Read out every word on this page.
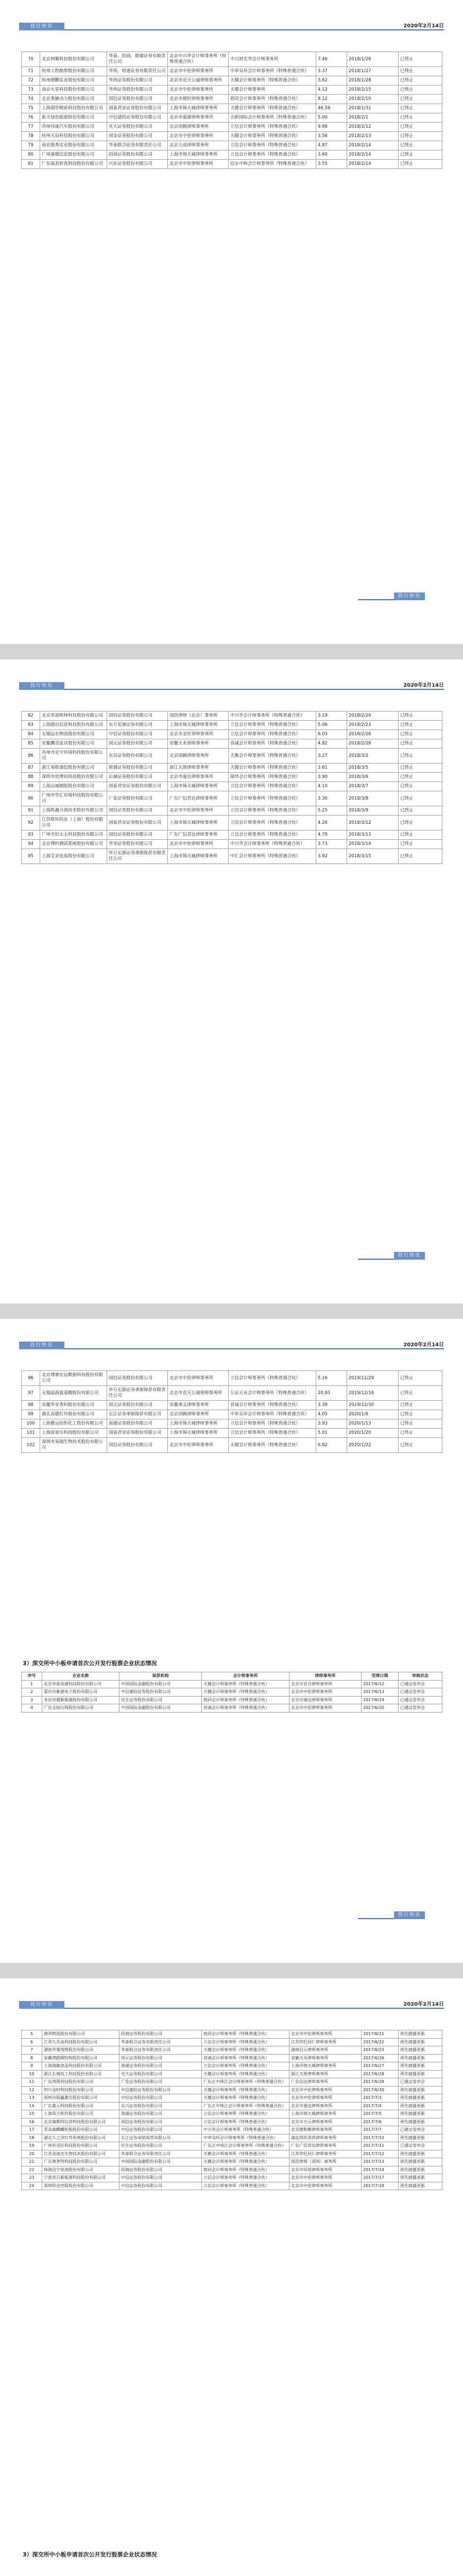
投行快讯	2020年2月14日
70	北京网聚科技股份有限公司	华泰、招商、联储证券有限责任公司	北京中兴华会计师事务所（特殊普通合伙）	中兴财光华会计师事务所	7.46	2018/1/26	已终止
71	杭州工程勘察股份有限公司	华西、财通证券有限责任公司	北京市中伦律师事务所	中审众环会计师事务所（特殊普通合伙）	3.37	2018/1/27	已终止
72	杭州德鹏实业股份有限公司	华西证券股份有限公司	北京市竞天公诚律师事务所	天健会计师事务所（特殊普通合伙）	3.62	2018/1/28	已终止
73	南京火星科技股份有限公司	华西证券股份有限公司	北京市中伦律师事务所	天健会计师事务所	4.12	2018/2/15	已终止
74	北京奥赫动力股份有限公司	国信证券股份有限公司	北京市德恒律师事务所	致同会计师事务所（特殊普通合伙）	8.12	2018/2/10	已终止
75	上海瑞华精密科技股份有限公司	国泰君安证券股份有限公司	上海市锦天城律师事务所	天健会计师事务所（特殊普通合伙）	46.59	2018/1/31	已终止
76	新天绿色能源股份有限公司	中信建投证券股份有限公司	北京市嘉源律师事务所	天职国际会计师事务所（特殊普通合伙）	5.00	2018/2/1	已终止
77	苏州伟康汽车股份有限公司	光大证券股份有限公司	北京国枫律师事务所	立信会计师事务所（特殊普通合伙）	9.98	2018/2/12	已终止
78	杭州天辰科技股份有限公司	国金证券股份有限公司	北京市中伦律师事务所	天健会计师事务所（特殊普通合伙）	3.56	2018/2/13	已终止
79	南京焕秀实业股份有限公司	华泰联合证券有限责任公司	北京大成律师事务所	立信会计师事务所（特殊普通合伙）	4.87	2018/2/14	已终止
80	广州嘉德信息股份有限公司	招商证券股份有限公司	上海市锦天城律师事务所	立信会计师事务所（特殊普通合伙）	3.60	2018/2/14	已终止
81	广东福美软瓷科技股份有限公司	兴业证券股份有限公司	北京市中伦律师事务所	信永中和会计师事务所（特殊普通合伙）	3.55	2018/2/14	已终止
投行快讯
投行快讯	2020年2月14日
82	北京英诺格林科技股份有限公司	国信证券股份有限公司	国浩律师（北京）事务所	中兴华会计师事务所（特殊普通合伙）	3.19	2018/2/20	已终止
83	上海德启信息科技股份有限公司	东方花旗证券有限公司	上海市锦天城律师事务所	立信会计师事务所（特殊普通合伙）	5.06	2018/2/23	已终止
84	无锡远东物流股份有限公司	中信证券股份有限公司	北京市金杜律师事务所	立信会计师事务所（特殊普通合伙）	6.03	2018/2/26	已终止
85	安徽鹏羽家具股份有限公司	国元证券股份有限公司	安徽天禾律师事务所	容诚会计师事务所（特殊普通合伙）	4.82	2018/2/28	已终止
86	苏州市宏宇环境科技股份有限公司	东吴证券股份有限公司	北京国枫律师事务所	天衡会计师事务所（特殊普通合伙）	3.27	2018/3/2	已终止
87	浙江易联通信股份有限公司	财通证券股份有限公司	浙江天册律师事务所	天健会计师事务所（特殊普通合伙）	3.61	2018/3/5	已终止
88	深圳市优博讯科技股份有限公司	长城证券股份有限公司	北京市康达律师事务所	瑞华会计师事务所（特殊普通合伙）	3.90	2018/3/6	已终止
89	上海运城制版股份有限公司	国泰君安证券股份有限公司	上海市锦天城律师事务所	立信会计师事务所（特殊普通合伙）	4.10	2018/3/7	已终止
90	广州市华汇环境科技股份有限公司	广发证券股份有限公司	广东广信君达律师事务所	立信会计师事务所（特殊普通合伙）	3.30	2018/3/8	已终止
91	上海凯鑫分离技术股份有限公司	国信证券股份有限公司	北京市中伦律师事务所	立信会计师事务所（特殊普通合伙）	5.25	2018/3/9	已终止
92	江苏联环药业（上海）股份有限公司	国泰君安证券股份有限公司	上海市锦天城律师事务所	立信会计师事务所（特殊普通合伙）	4.26	2018/3/12	已终止
93	广州市好太太科技股份有限公司	国信证券股份有限公司	广东广信君达律师事务所	立信会计师事务所（特殊普通合伙）	4.79	2018/3/13	已终止
94	北京博科测试系统股份有限公司	华龙证券股份有限公司	北京市中伦律师事务所	中兴华会计师事务所（特殊普通合伙）	3.73	2018/3/14	已终止
95	上海艾录包装股份有限公司	申万宏源证券承销保荐有限责任公司	上海市锦天城律师事务所	中汇会计师事务所（特殊普通合伙）	3.92	2018/3/15	已终止
投行快讯
投行快讯	2020年2月14日
96	北京博睿宏远数据科技股份有限公司	国信证券股份有限公司	北京市中伦律师事务所	立信会计师事务所（特殊普通合伙）	5.16	2019/11/29	已终止
97	无锡晶海氨基酸股份有限公司	申万宏源证券承销保荐有限责任公司	北京市竞天公诚律师事务所	公证天业会计师事务所（特殊普通合伙）	20.93	2019/12/16	已终止
98	安徽华业香料股份有限公司	国元证券股份有限公司	安徽承义律师事务所	容诚会计师事务所（特殊普通合伙）	3.39	2019/12/30	已终止
99	湖北高德红外股份有限公司	长江证券承销保荐有限公司	北京国枫律师事务所	中审众环会计师事务所（特殊普通合伙）	4.05	2020/1/6	已终止
100	上海雅运纺织化工股份有限公司	海通证券股份有限公司	上海市锦天城律师事务所	立信会计师事务所（特殊普通合伙）	3.93	2020/1/13	已终止
101	上海雷诺尔科技股份有限公司	国泰君安证券股份有限公司	上海市锦天城律师事务所	立信会计师事务所（特殊普通合伙）	5.01	2020/1/20	已终止
102	深圳市易瑞生物技术股份有限公司	国信证券股份有限公司	北京市中伦律师事务所	天健会计师事务所（特殊普通合伙）	6.82	2020/1/22	已终止
3）深交所中小板申请首次公开发行股票企业状态情况
序号	企业名称	保荐机构	会计师事务所	律师事务所	受理日期	审核状态
1	北京华夏电通科技股份有限公司	中国国际金融股份有限公司	天健会计师事务所（特殊普通合伙）	北京市君合律师事务所	2017/6/12	已通过发审会
2	重庆市紫建电子股份有限公司	中信建投证券股份有限公司	天健会计师事务所（特殊普通合伙）	北京市中伦律师事务所	2017/6/13	已通过发审会
3	龙岩卓越新能源股份有限公司	民生证券股份有限公司	致同会计师事务所（特殊普通合伙）	北京市康达律师事务所	2017/6/19	已通过发审会
4	广东文灿压铸股份有限公司	中国国际金融股份有限公司	容诚会计师事务所（特殊普通合伙）	北京市中伦律师事务所	2017/6/20	已通过发审会
投行快讯
投行快讯	2020年2月14日
5	德邦物流股份有限公司	招商证券股份有限公司	致同会计师事务所（特殊普通合伙）	北京市中伦律师事务所	2017/6/21	预先披露更新
6	江苏久吾高科技股份有限公司	华泰联合证券有限责任公司	立信会计师事务所（特殊普通合伙）	江苏世纪同仁律师事务所	2017/6/22	预先披露更新
7	湖南华菱线缆股份有限公司	华泰联合证券有限责任公司	天健会计师事务所（特殊普通合伙）	湖南启元律师事务所	2017/6/23	预先披露更新
8	安徽鸿路钢结构股份有限公司	国元证券股份有限公司	容诚会计师事务所（特殊普通合伙）	安徽天禾律师事务所	2017/6/26	预先披露更新
9	上海海融食品科技股份有限公司	海通证券股份有限公司	立信会计师事务所（特殊普通合伙）	上海市锦天城律师事务所	2017/6/27	预先披露更新
10	浙江长城电工科技股份有限公司	光大证券股份有限公司	天健会计师事务所（特殊普通合伙）	浙江天册律师事务所	2017/6/28	预先披露更新
11	广东鸿图科技股份有限公司	广发证券股份有限公司	广东正中珠江会计师事务所（特殊普通合伙）	广东信达律师事务所	2017/6/29	已通过发审会
12	四川金时科技股份有限公司	中信建投证券股份有限公司	天健会计师事务所（特殊普通合伙）	北京市中伦律师事务所	2017/6/30	预先披露更新
13	深圳市联赢激光股份有限公司	中信证券股份有限公司	天健会计师事务所（特殊普通合伙）	北京市中伦律师事务所	2017/7/3	预先披露更新
14	广东嘉元科技股份有限公司	东兴证券股份有限公司	广东正中珠江会计师事务所（特殊普通合伙）	北京市康达律师事务所	2017/7/4	预先披露更新
15	上海英方软件股份有限公司	海通证券股份有限公司	立信会计师事务所（特殊普通合伙）	上海市锦天城律师事务所	2017/7/5	预先披露更新
16	北京康斯特仪表科技股份有限公司	国信证券股份有限公司	立信会计师事务所（特殊普通合伙）	北京市天元律师事务所	2017/7/6	预先披露更新
17	青岛森麒麟轮胎股份有限公司	中信证券股份有限公司	中兴华会计师事务所（特殊普通合伙）	北京德和衡律师事务所	2017/7/7	已通过发审会
18	湖北久之洋红外系统股份有限公司	长江证券承销保荐有限公司	中审众环会计师事务所（特殊普通合伙）	湖北得伟君尚律师事务所	2017/7/10	预先披露更新
19	广州若羽臣科技股份有限公司	民生证券股份有限公司	广东正中珠江会计师事务所（特殊普通合伙）	广东广信君达律师事务所	2017/7/11	已通过发审会
20	江苏金迪克生物技术股份有限公司	华泰联合证券有限责任公司	天衡会计师事务所（特殊普通合伙）	江苏世纪同仁律师事务所	2017/7/12	预先披露更新
21	广东奥普特科技股份有限公司	中国国际金融股份有限公司	天健会计师事务所（特殊普通合伙）	国浩律师（深圳）事务所	2017/7/13	预先披露更新
22	珠海冠宇电池股份有限公司	招商证券股份有限公司	致同会计师事务所（特殊普通合伙）	北京市环球律师事务所	2017/7/14	预先披露更新
23	宁波容百新能源科技股份有限公司	中信证券股份有限公司	立信会计师事务所（特殊普通合伙）	北京市中伦律师事务所	2017/7/17	预先披露更新
24	深圳传音控股股份有限公司	中信证券股份有限公司	立信会计师事务所（特殊普通合伙）	北京市中伦律师事务所	2017/7/18	预先披露更新
3）深交所中小板申请首次公开发行股票企业状态情况
